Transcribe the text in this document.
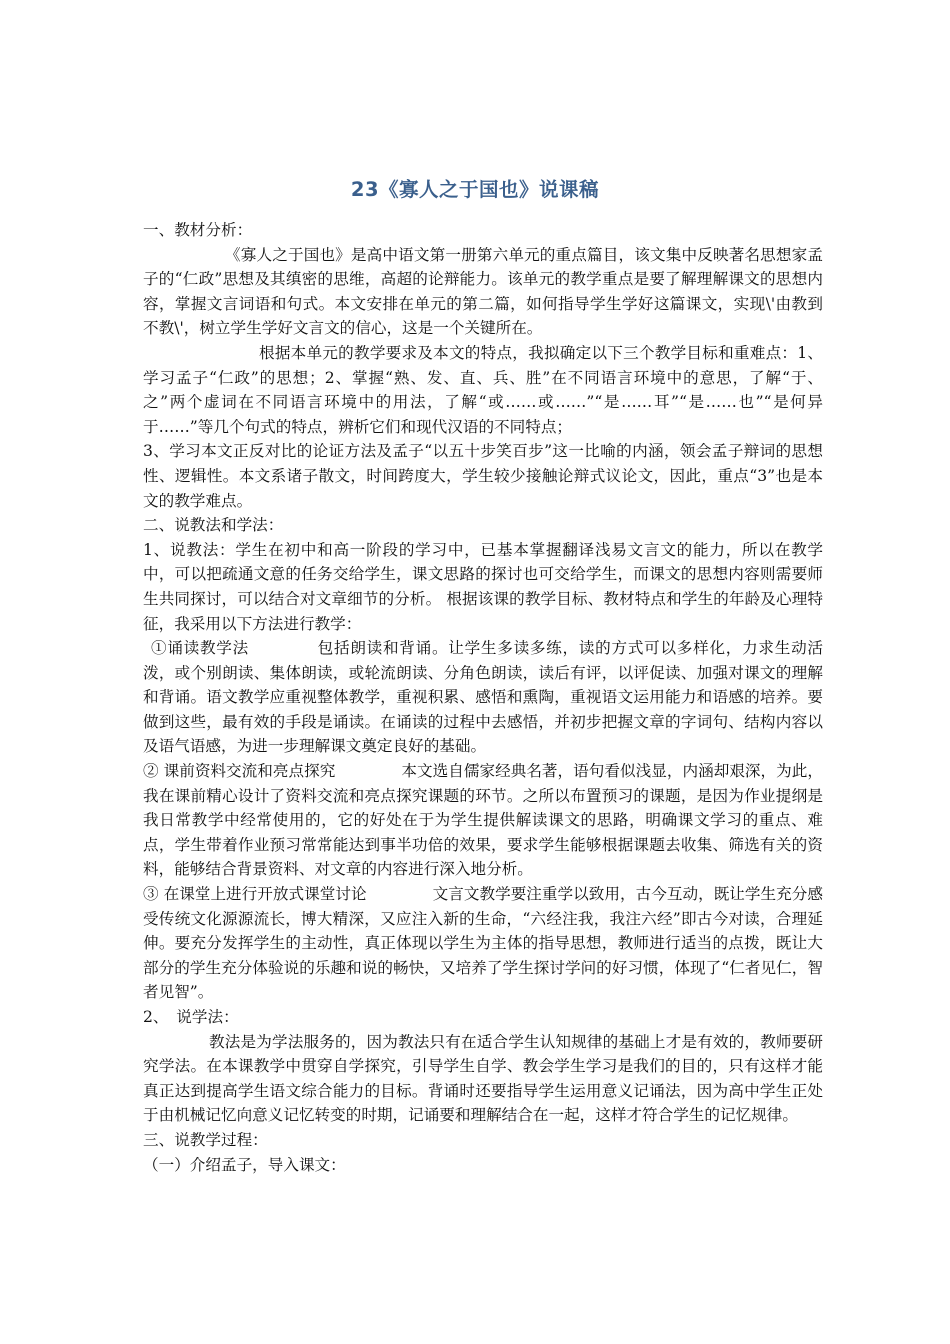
23《寡人之于国也》说课稿

一、教材分析：

《寡人之于国也》是高中语文第一册第六单元的重点篇目，该文集中反映著名思想家孟子的“仁政”思想及其缜密的思维，高超的论辩能力。该单元的教学重点是要了解理解课文的思想内容，掌握文言词语和句式。本文安排在单元的第二篇，如何指导学生学好这篇课文，实现\'由教到不教\'，树立学生学好文言文的信心，这是一个关键所在。

根据本单元的教学要求及本文的特点，我拟确定以下三个教学目标和重难点：1、学习孟子“仁政”的思想；2、掌握“熟、发、直、兵、胜”在不同语言环境中的意思，了解“于、之”两个虚词在不同语言环境中的用法，了解“或……或……”“是……耳”“是……也”“是何异于……”等几个句式的特点，辨析它们和现代汉语的不同特点；

3、学习本文正反对比的论证方法及孟子“以五十步笑百步”这一比喻的内涵，领会孟子辩词的思想性、逻辑性。本文系诸子散文，时间跨度大，学生较少接触论辩式议论文，因此，重点“3”也是本文的教学难点。

二、说教法和学法：

1、说教法：学生在初中和高一阶段的学习中，已基本掌握翻译浅易文言文的能力，所以在教学中，可以把疏通文意的任务交给学生，课文思路的探讨也可交给学生，而课文的思想内容则需要师生共同探讨，可以结合对文章细节的分析。 根据该课的教学目标、教材特点和学生的年龄及心理特征，我采用以下方法进行教学：

①诵读教学法	包括朗读和背诵。让学生多读多练，读的方式可以多样化，力求生动活泼，或个别朗读、集体朗读，或轮流朗读、分角色朗读，读后有评，以评促读、加强对课文的理解和背诵。语文教学应重视整体教学，重视积累、感悟和熏陶，重视语文运用能力和语感的培养。要做到这些，最有效的手段是诵读。在诵读的过程中去感悟，并初步把握文章的字词句、结构内容以及语气语感，为进一步理解课文奠定良好的基础。

② 课前资料交流和亮点探究	本文选自儒家经典名著，语句看似浅显，内涵却艰深，为此，我在课前精心设计了资料交流和亮点探究课题的环节。之所以布置预习的课题，是因为作业提纲是我日常教学中经常使用的，它的好处在于为学生提供解读课文的思路，明确课文学习的重点、难点，学生带着作业预习常常能达到事半功倍的效果，要求学生能够根据课题去收集、筛选有关的资料，能够结合背景资料、对文章的内容进行深入地分析。

③ 在课堂上进行开放式课堂讨论	文言文教学要注重学以致用，古今互动，既让学生充分感受传统文化源源流长，博大精深，又应注入新的生命，“六经注我，我注六经”即古今对读，合理延伸。要充分发挥学生的主动性，真正体现以学生为主体的指导思想，教师进行适当的点拨，既让大部分的学生充分体验说的乐趣和说的畅快，又培养了学生探讨学问的好习惯，体现了“仁者见仁，智者见智”。

2、　说学法：

教法是为学法服务的，因为教法只有在适合学生认知规律的基础上才是有效的，教师要研究学法。在本课教学中贯穿自学探究，引导学生自学、教会学生学习是我们的目的，只有这样才能真正达到提高学生语文综合能力的目标。背诵时还要指导学生运用意义记诵法，因为高中学生正处于由机械记忆向意义记忆转变的时期，记诵要和理解结合在一起，这样才符合学生的记忆规律。

三、说教学过程：

（一）介绍孟子，导入课文：
